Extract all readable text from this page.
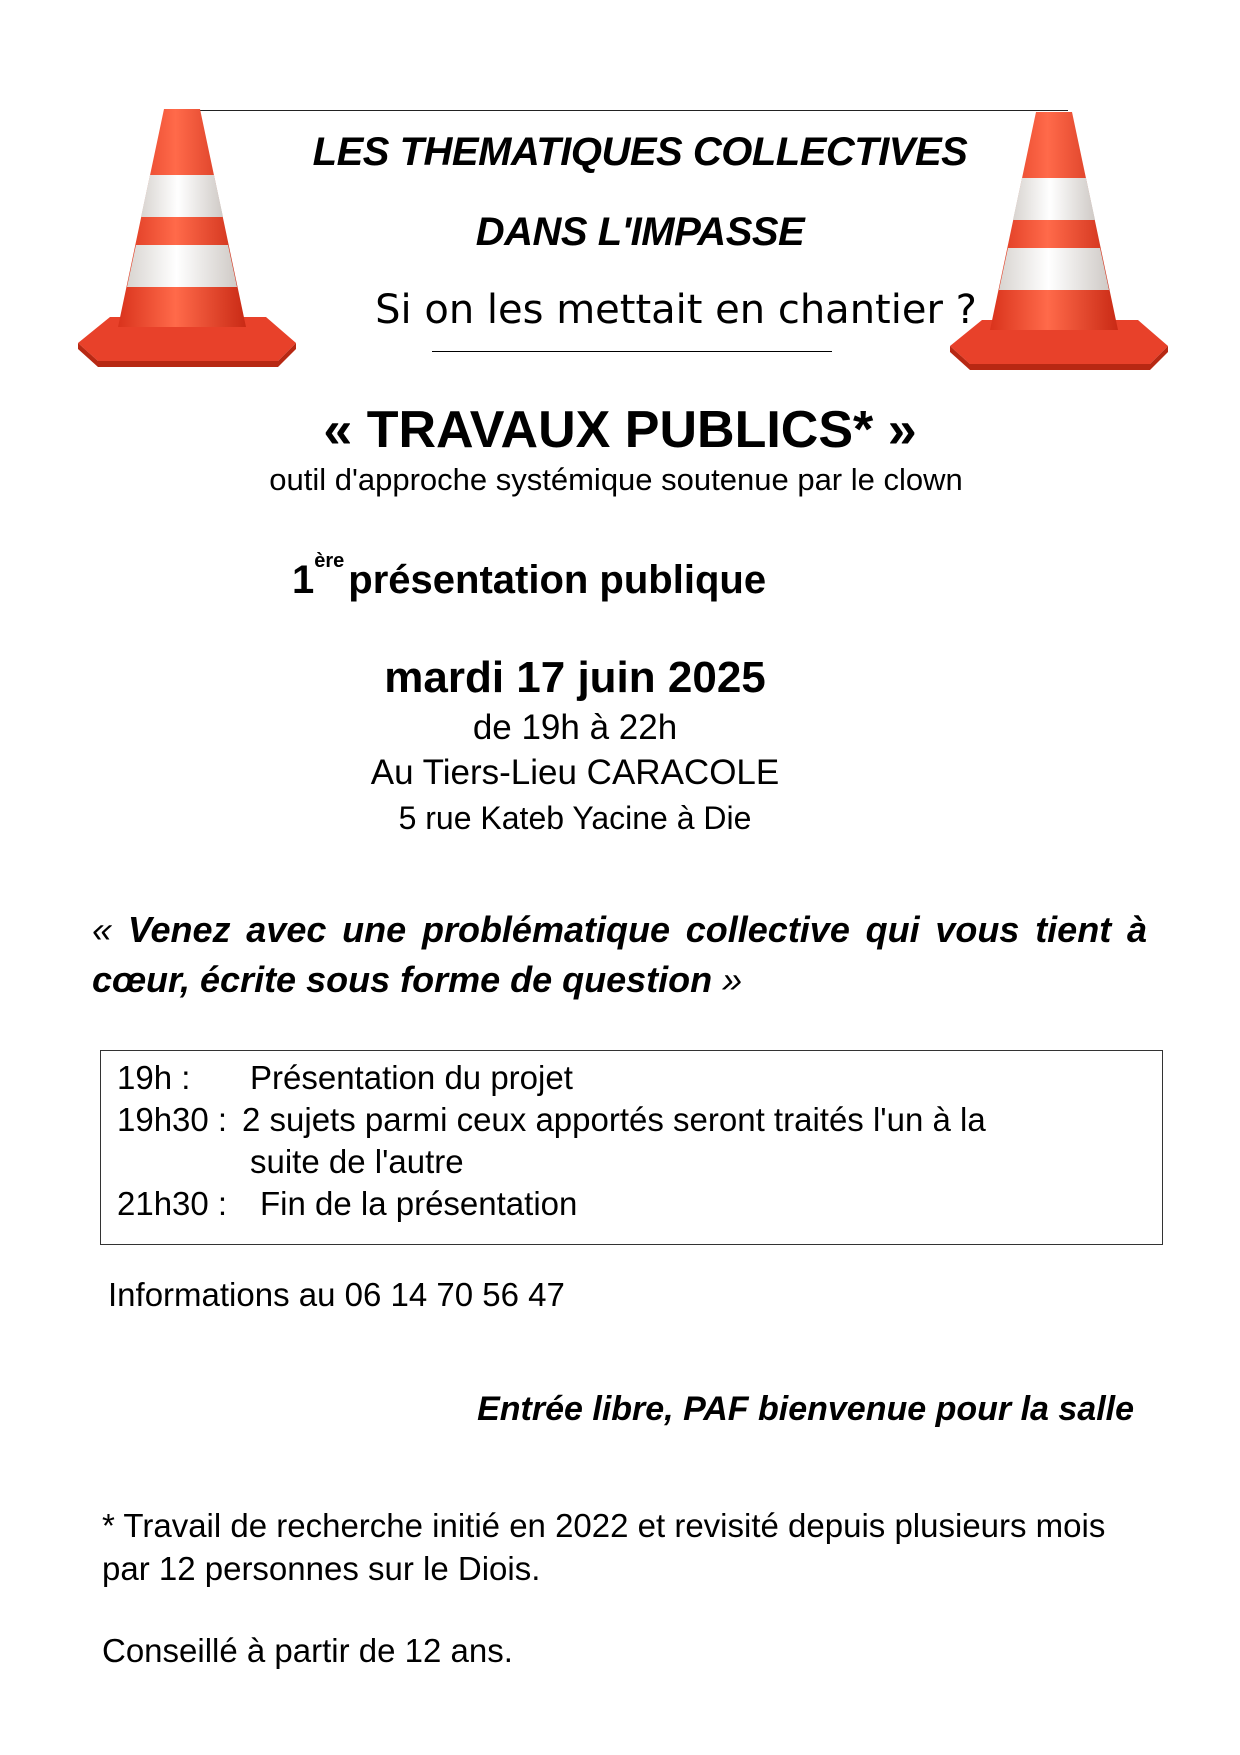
LES THEMATIQUES COLLECTIVES
DANS L'IMPASSE
Si on les mettait en chantier ?
« TRAVAUX PUBLICS* »
outil d'approche systémique soutenue par le clown
1ère présentation publique
mardi 17 juin 2025
de 19h à 22h
Au Tiers-Lieu CARACOLE
5 rue Kateb Yacine à Die
« Venez avec une problématique collective qui vous tient à cœur, écrite sous forme de question »
19h : Présentation du projet
19h30 : 2 sujets parmi ceux apportés seront traités l'un à la
suite de l'autre
21h30 : Fin de la présentation
Informations au 06 14 70 56 47
Entrée libre, PAF bienvenue pour la salle
* Travail de recherche initié en 2022 et revisité depuis plusieurs mois par 12 personnes sur le Diois.
Conseillé à partir de 12 ans.
